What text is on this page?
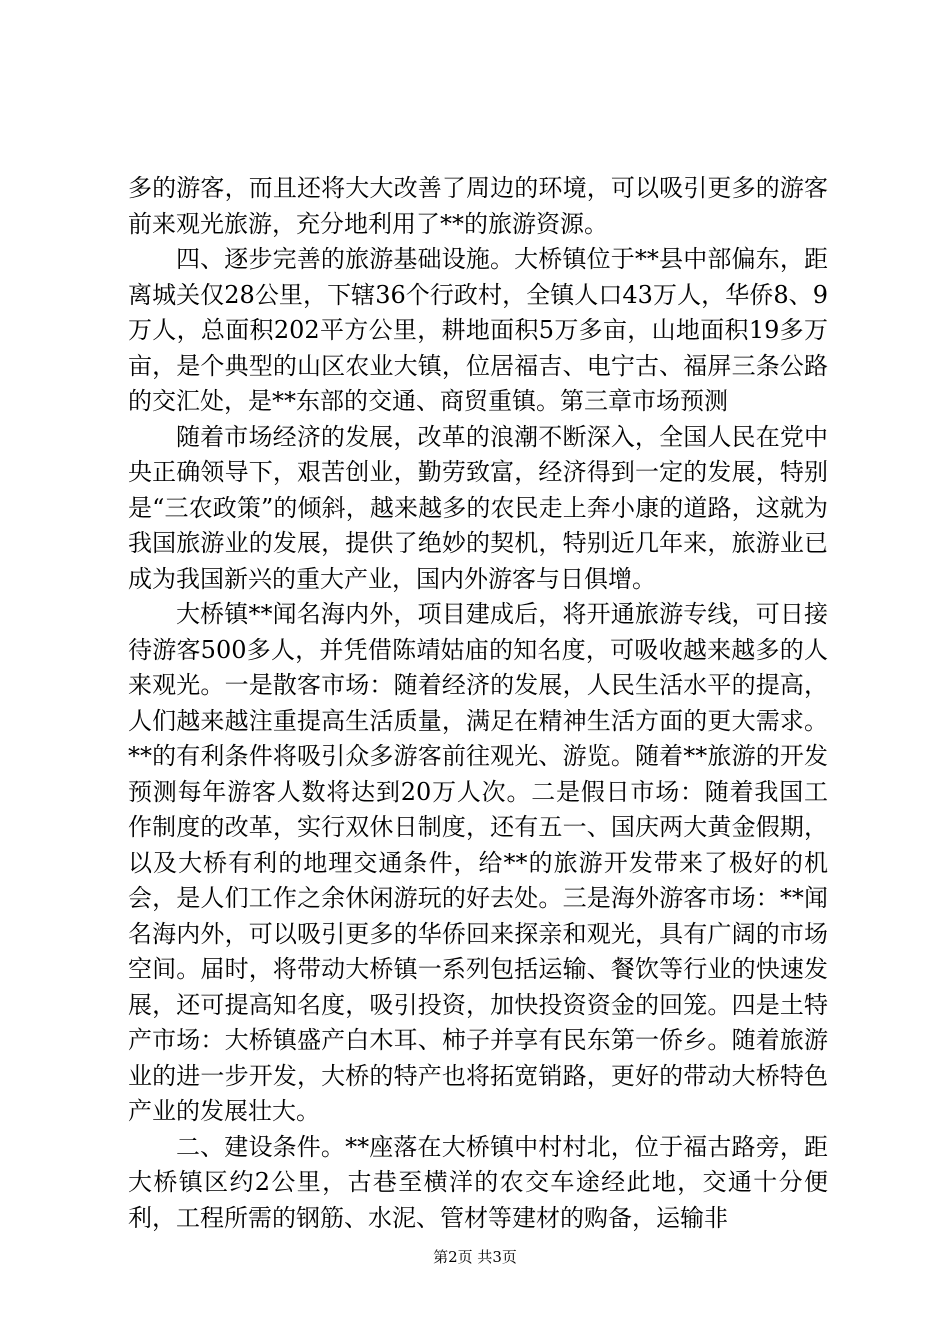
多的游客，而且还将大大改善了周边的环境，可以吸引更多的游客前来观光旅游，充分地利用了**的旅游资源。

四、逐步完善的旅游基础设施。大桥镇位于**县中部偏东，距离城关仅28公里，下辖36个行政村，全镇人口43万人，华侨8、9万人，总面积202平方公里，耕地面积5万多亩，山地面积19多万亩，是个典型的山区农业大镇，位居福吉、电宁古、福屏三条公路的交汇处，是**东部的交通、商贸重镇。第三章市场预测

随着市场经济的发展，改革的浪潮不断深入，全国人民在党中央正确领导下，艰苦创业，勤劳致富，经济得到一定的发展，特别是“三农政策”的倾斜，越来越多的农民走上奔小康的道路，这就为我国旅游业的发展，提供了绝妙的契机，特别近几年来，旅游业已成为我国新兴的重大产业，国内外游客与日俱增。

大桥镇**闻名海内外，项目建成后，将开通旅游专线，可日接待游客500多人，并凭借陈靖姑庙的知名度，可吸收越来越多的人来观光。一是散客市场：随着经济的发展，人民生活水平的提高，人们越来越注重提高生活质量，满足在精神生活方面的更大需求。**的有利条件将吸引众多游客前往观光、游览。随着**旅游的开发预测每年游客人数将达到20万人次。二是假日市场：随着我国工作制度的改革，实行双休日制度，还有五一、国庆两大黄金假期，以及大桥有利的地理交通条件，给**的旅游开发带来了极好的机会，是人们工作之余休闲游玩的好去处。三是海外游客市场：**闻名海内外，可以吸引更多的华侨回来探亲和观光，具有广阔的市场空间。届时，将带动大桥镇一系列包括运输、餐饮等行业的快速发展，还可提高知名度，吸引投资，加快投资资金的回笼。四是土特产市场：大桥镇盛产白木耳、柿子并享有民东第一侨乡。随着旅游业的进一步开发，大桥的特产也将拓宽销路，更好的带动大桥特色产业的发展壮大。

二、建设条件。**座落在大桥镇中村村北，位于福古路旁，距大桥镇区约2公里，古巷至横洋的农交车途经此地，交通十分便利，工程所需的钢筋、水泥、管材等建材的购备，运输非

第2页 共3页
